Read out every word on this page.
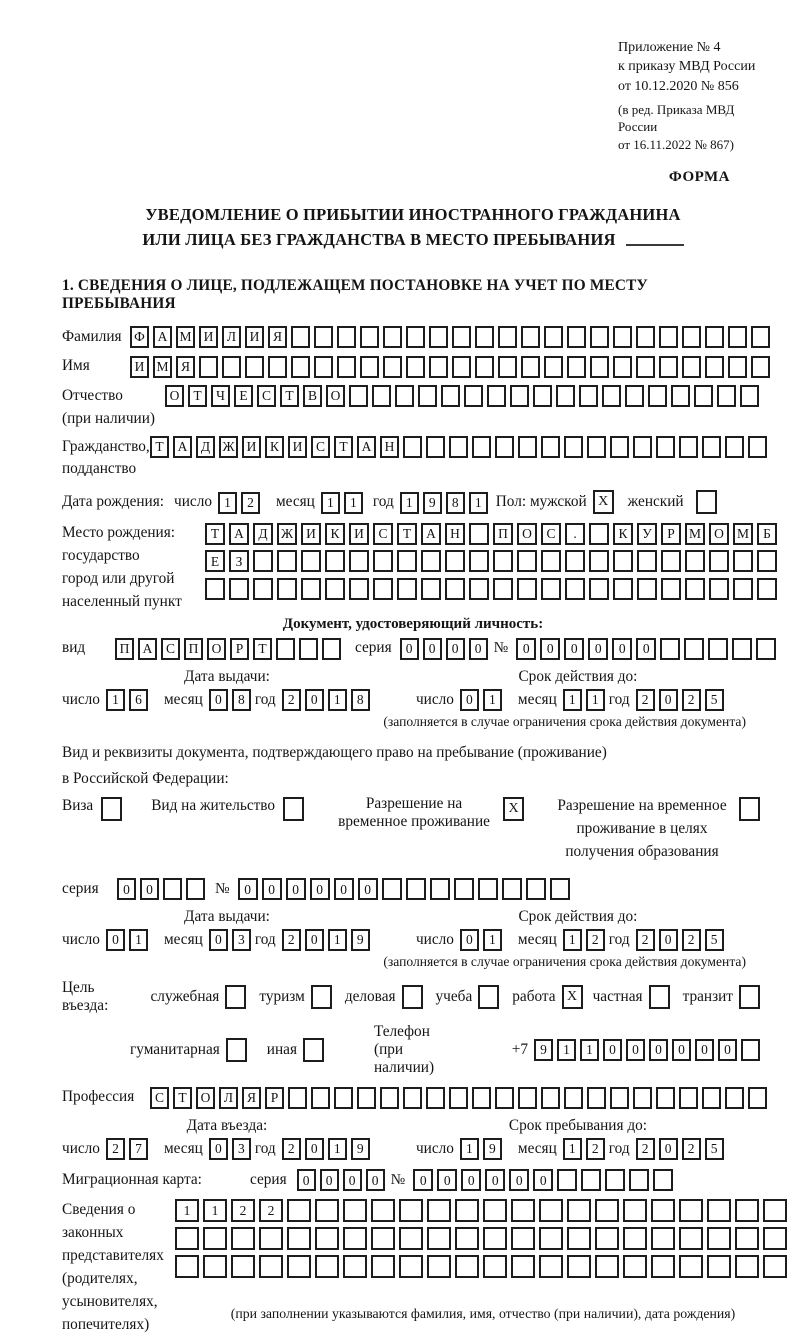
Приложение № 4
к приказу МВД России
от 10.12.2020 № 856
(в ред. Приказа МВД России
от 16.11.2022 № 867)
ФОРМА
УВЕДОМЛЕНИЕ О ПРИБЫТИИ ИНОСТРАННОГО ГРАЖДАНИНА
ИЛИ ЛИЦА БЕЗ ГРАЖДАНСТВА В МЕСТО ПРЕБЫВАНИЯ
1. СВЕДЕНИЯ О ЛИЦЕ, ПОДЛЕЖАЩЕМ ПОСТАНОВКЕ НА УЧЕТ ПО МЕСТУ ПРЕБЫВАНИЯ
Фамилия Ф А М И Л И Я
Имя	И М Я
Отчество
(при наличии)
О Т Ч Е С Т В О
Гражданство,
подданство
Т А Д Ж И К И С Т А Н
Дата рождения: число 1 2	месяц 1 1	год 1 9 8 1 Пол: мужской X	женский
Место рождения:
государство
город или другой
населенный пункт
Т А Д Ж И К И С Т А Н	П О С .	К У Р М О М Б
Е З
Документ, удостоверяющий личность:
вид	П А С П О Р Т	серия	0 0 0 0 №	0 0 0 0 0 0
Дата выдачи:	Срок действия до:
число 1 6	месяц 0 8 год 2 0 1 8	число 0 1	месяц 1 1 год 2 0 2 5
(заполняется в случае ограничения срока действия документа)
Вид и реквизиты документа, подтверждающего право на пребывание (проживание)
в Российской Федерации:
Виза	Вид на жительство	Разрешение на временное проживание
X	Разрешение на временное проживание в целях получения образования
серия	0 0	№	0 0 0 0 0 0
Дата выдачи:	Срок действия до:
число 0 1	месяц 0 3 год 2 0 1 9	число 0 1	месяц 1 2 год 2 0 2 5
(заполняется в случае ограничения срока действия документа)
Цель въезда:
служебная	туризм	деловая	учеба	работа X	частная	транзит
гуманитарная	иная
Телефон (при наличии)
+7 9 1 1 0 0 0 0 0 0
Профессия	С Т О Л Я Р
Дата въезда:	Срок пребывания до:
число 2 7	месяц 0 3 год 2 0 1 9	число 1 9	месяц 1 2 год 2 0 2 5
Миграционная карта:	серия	0 0 0 0 №	0 0 0 0 0 0
Сведения о
законных
представителях
(родителях,
усыновителях,
попечителях)
1 1 2 2
(при заполнении указываются фамилия, имя, отчество (при наличии), дата рождения)
